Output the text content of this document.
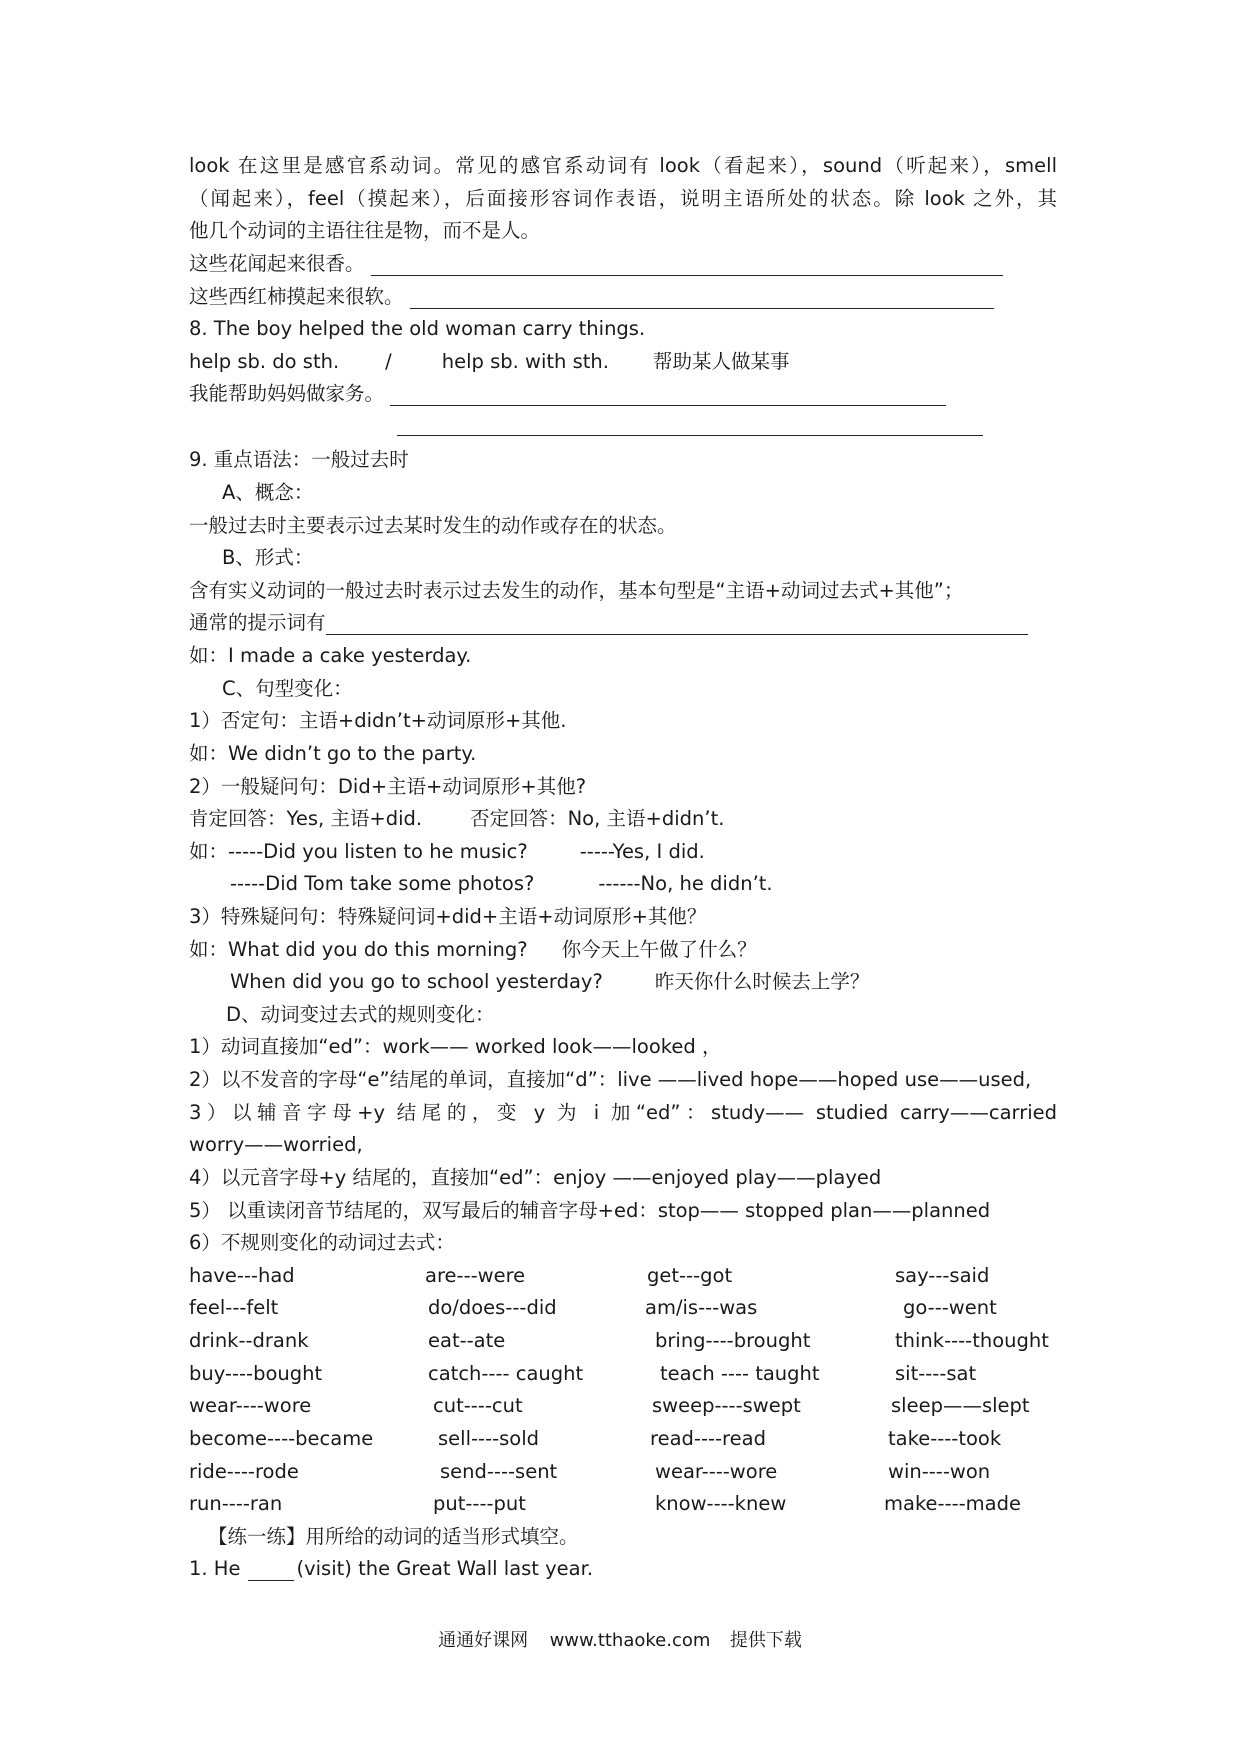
look 在这里是感官系动词。常见的感官系动词有 look（看起来），sound（听起来），smell
（闻起来），feel（摸起来），后面接形容词作表语，说明主语所处的状态。除 look 之外，其
他几个动词的主语往往是物，而不是人。
这些花闻起来很香。
这些西红柿摸起来很软。
8. The boy helped the old woman carry things.
help sb. do sth. /	help sb. with sth. 帮助某人做某事
我能帮助妈妈做家务。
9. 重点语法：一般过去时
A、概念：
一般过去时主要表示过去某时发生的动作或存在的状态。
B、形式：
含有实义动词的一般过去时表示过去发生的动作，基本句型是“主语+动词过去式+其他”；
通常的提示词有
如：I made a cake yesterday.
C、句型变化：
1）否定句：主语+didn’t+动词原形+其他.
如：We didn’t go to the party.
2）一般疑问句：Did+主语+动词原形+其他?
肯定回答：Yes, 主语+did. 否定回答：No, 主语+didn’t.
如：-----Did you listen to he music?	-----Yes, I did.
-----Did Tom take some photos?	------No, he didn’t.
3）特殊疑问句：特殊疑问词+did+主语+动词原形+其他？
如：What did you do this morning? 你今天上午做了什么？
When did you go to school yesterday?	昨天你什么时候去上学？
D、动词变过去式的规则变化：
1）动词直接加“ed”：work—— worked look——looked ，
2）以不发音的字母“e”结尾的单词，直接加“d”：live ——lived hope——hoped use——used,
3）以辅音字母+y 结尾的，变 y 为 i 加“ed”：study—— studied carry——carried
worry——worried,
4）以元音字母+y 结尾的，直接加“ed”：enjoy ——enjoyed play——played
5） 以重读闭音节结尾的，双写最后的辅音字母+ed：stop—— stopped plan——planned
6）不规则变化的动词过去式：
have---had	are---were	get---got	say---said
feel---felt	do/does---did	am/is---was	go---went
drink--drank	eat--ate	bring----brought	think----thought
buy----bought	catch---- caught	teach ---- taught	sit----sat
wear----wore	cut----cut	sweep----swept	sleep——slept
become----became	sell----sold	read----read	take----took
ride----rode	send----sent	wear----wore	win----won
run----ran	put----put	know----knew	make----made
【练一练】用所给的动词的适当形式填空。
1. He	(visit) the Great Wall last year.
通通好课网 www.tthaoke.com 提供下载
